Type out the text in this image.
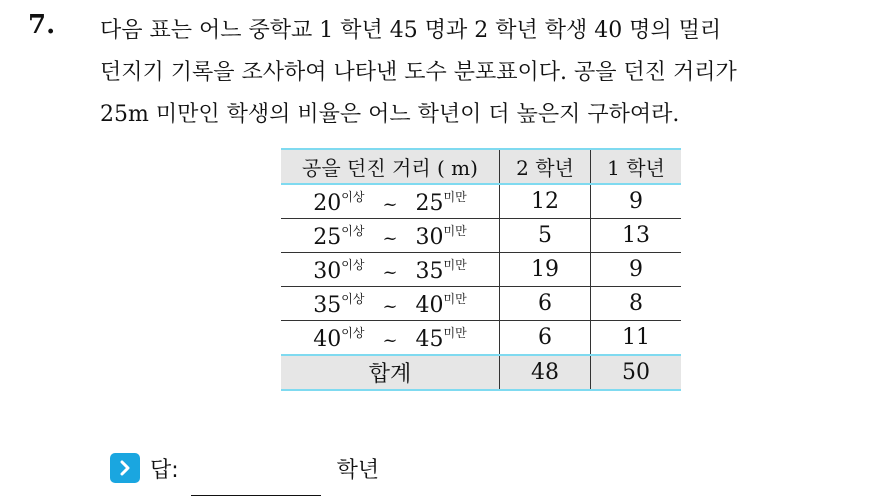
7. 다음 표는 어느 중학교 1 학년 45 명과 2 학년 학생 40 명의 멀리
던지기 기록을 조사하여 나타낸 도수 분포표이다. 공을 던진 거리가
25m 미만인 학생의 비율은 어느 학년이 더 높은지 구하여라.
공을 던진 거리 ( m)	2 학년	1 학년
$20^{이상}$ ~ $25^{미만}$	12	9
$25^{이상}$ ~ $30^{미만}$	5	13
$30^{이상}$ ~ $35^{미만}$	19	9
$35^{이상}$ ~ $40^{미만}$	6	8
$40^{이상}$ ~ $45^{미만}$	6	11
합계	48	50
답:	학년
